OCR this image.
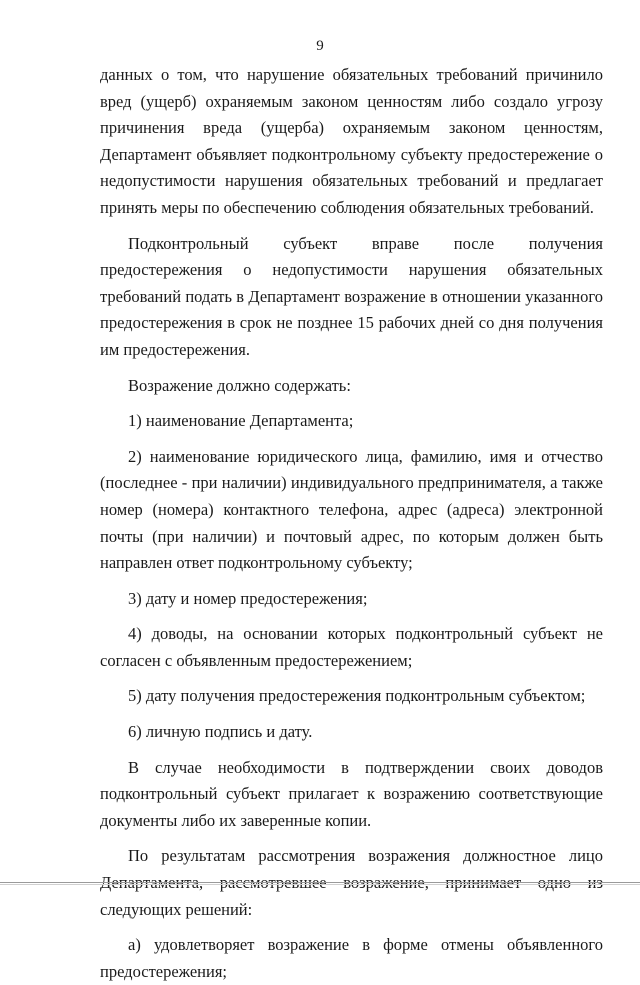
9

данных о том, что нарушение обязательных требований причинило вред (ущерб) охраняемым законом ценностям либо создало угрозу причинения вреда (ущерба) охраняемым законом ценностям, Департамент объявляет подконтрольному субъекту предостережение о недопустимости нарушения обязательных требований и предлагает принять меры по обеспечению соблюдения обязательных требований.

Подконтрольный субъект вправе после получения предостережения о недопустимости нарушения обязательных требований подать в Департамент возражение в отношении указанного предостережения в срок не позднее 15 рабочих дней со дня получения им предостережения.

Возражение должно содержать:

1) наименование Департамента;

2) наименование юридического лица, фамилию, имя и отчество (последнее - при наличии) индивидуального предпринимателя, а также номер (номера) контактного телефона, адрес (адреса) электронной почты (при наличии) и почтовый адрес, по которым должен быть направлен ответ подконтрольному субъекту;

3) дату и номер предостережения;

4) доводы, на основании которых подконтрольный субъект не согласен с объявленным предостережением;

5) дату получения предостережения подконтрольным субъектом;

6) личную подпись и дату.

В случае необходимости в подтверждении своих доводов подконтрольный субъект прилагает к возражению соответствующие документы либо их заверенные копии.

По результатам рассмотрения возражения должностное лицо следующих решений:

а) удовлетворяет возражение в форме отмены объявленного предостережения;
